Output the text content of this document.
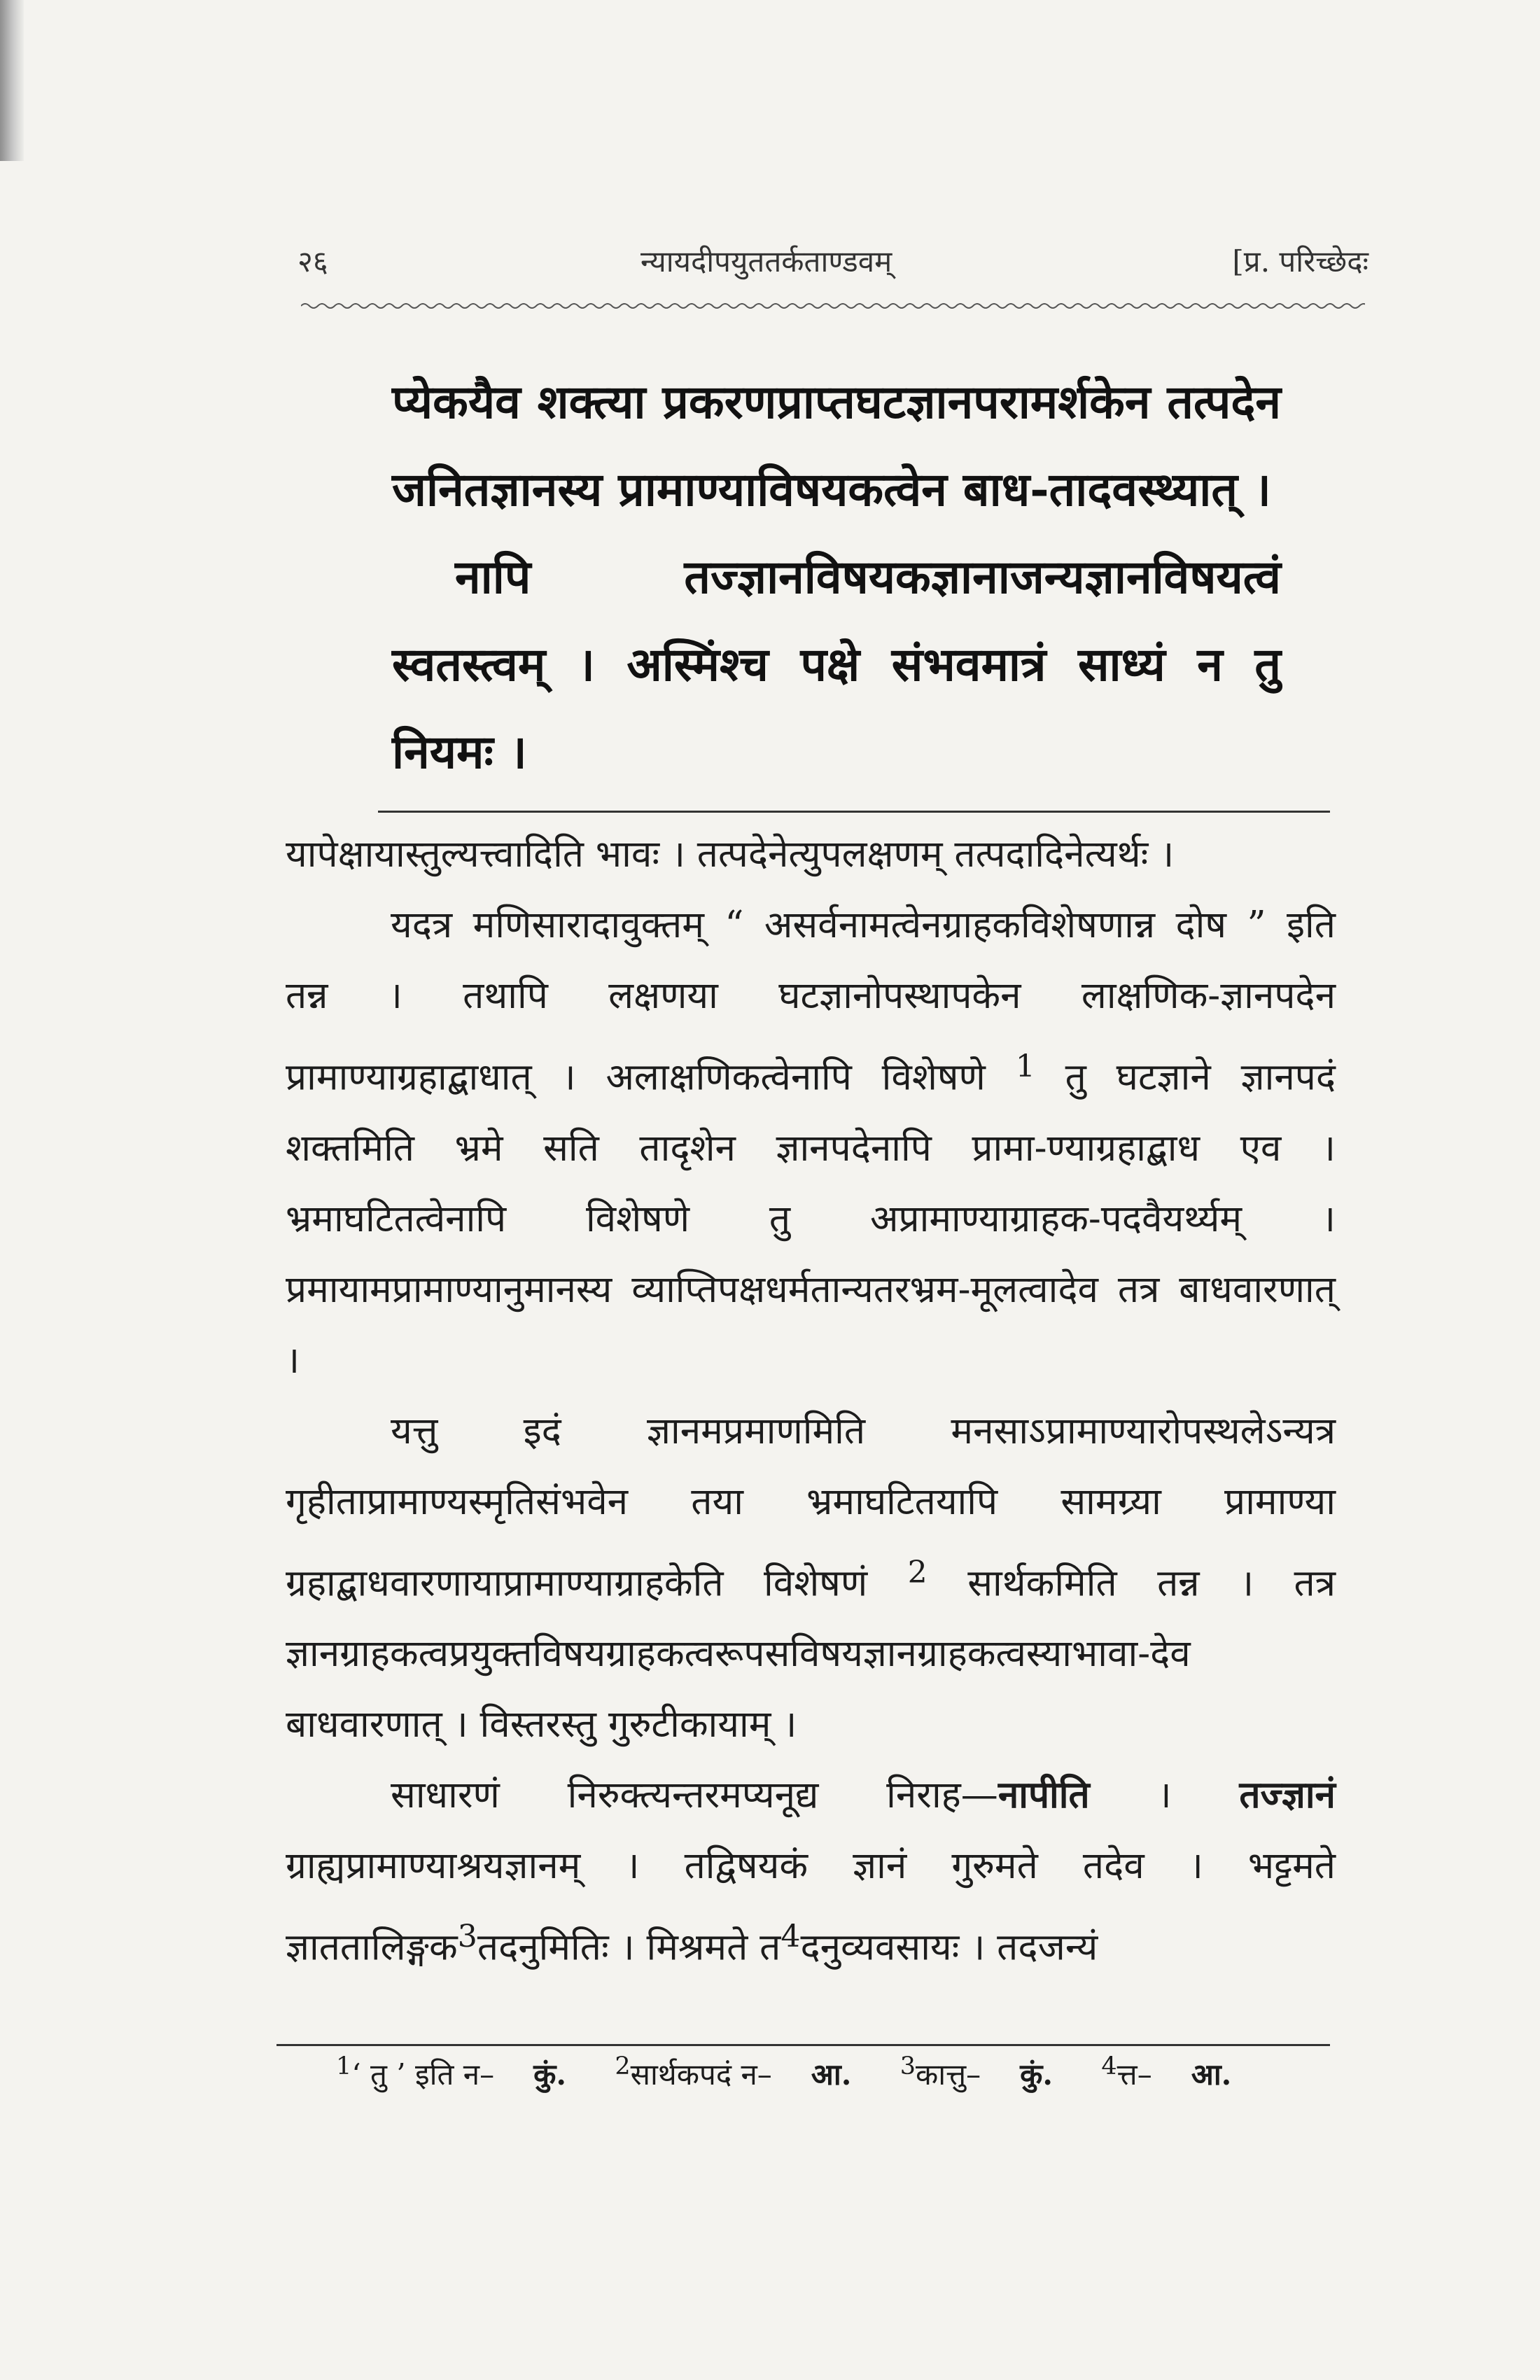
२६	न्यायदीपयुततर्कताण्डवम्	[प्र. परिच्छेदः

प्येकयैव शक्त्या प्रकरणप्राप्तघटज्ञानपरामर्शकेन तत्पदेन जनितज्ञानस्य प्रामाण्याविषयकत्वेन बाध-तादवस्थ्यात् ।

नापि तज्ज्ञानविषयकज्ञानाजन्यज्ञानविषयत्वं स्वतस्त्वम् । अस्मिंश्च पक्षे संभवमात्रं साध्यं न तु नियमः ।

यापेक्षायास्तुल्यत्त्वादिति भावः । तत्पदेनेत्युपलक्षणम् तत्पदादिनेत्यर्थः ।

यदत्र मणिसारादावुक्तम् “ असर्वनामत्वेनग्राहकविशेषणान्न दोष ” इति तन्न । तथापि लक्षणया घटज्ञानोपस्थापकेन लाक्षणिक-ज्ञानपदेन प्रामाण्याग्रहाद्बाधात् । अलाक्षणिकत्वेनापि विशेषणे $^1$ तु घटज्ञाने ज्ञानपदं शक्तमिति भ्रमे सति तादृशेन ज्ञानपदेनापि प्रामा-ण्याग्रहाद्बाध एव । भ्रमाघटितत्वेनापि विशेषणे तु अप्रामाण्याग्राहक-पदवैयर्थ्यम् । प्रमायामप्रामाण्यानुमानस्य व्याप्तिपक्षधर्मतान्यतरभ्रम-मूलत्वादेव तत्र बाधवारणात् ।

यत्तु इदं ज्ञानमप्रमाणमिति मनसाऽप्रामाण्यारोपस्थलेऽन्यत्र गृहीताप्रामाण्यस्मृतिसंभवेन तया भ्रमाघटितयापि सामग्र्या प्रामाण्या ग्रहाद्बाधवारणायाप्रामाण्याग्राहकेति विशेषणं $^2$ सार्थकमिति तन्न । तत्र ज्ञानग्राहकत्वप्रयुक्तविषयग्राहकत्वरूपसविषयज्ञानग्राहकत्वस्याभावा-देव बाधवारणात् । विस्तरस्तु गुरुटीकायाम् ।

साधारणं निरुक्त्यन्तरमप्यनूद्य निराह—नापीति । तज्ज्ञानं ग्राह्यप्रामाण्याश्रयज्ञानम् । तद्विषयकं ज्ञानं गुरुमते तदेव । भट्टमते ज्ञाततालिङ्गक$^3$तदनुमितिः । मिश्रमते त$^4$दनुव्यवसायः । तदजन्यं

$^1$‘ तु ’ इति न– कुं. $^2$सार्थकपदं न– आ. $^3$कात्तु– कुं. $^4$त्त– आ.
